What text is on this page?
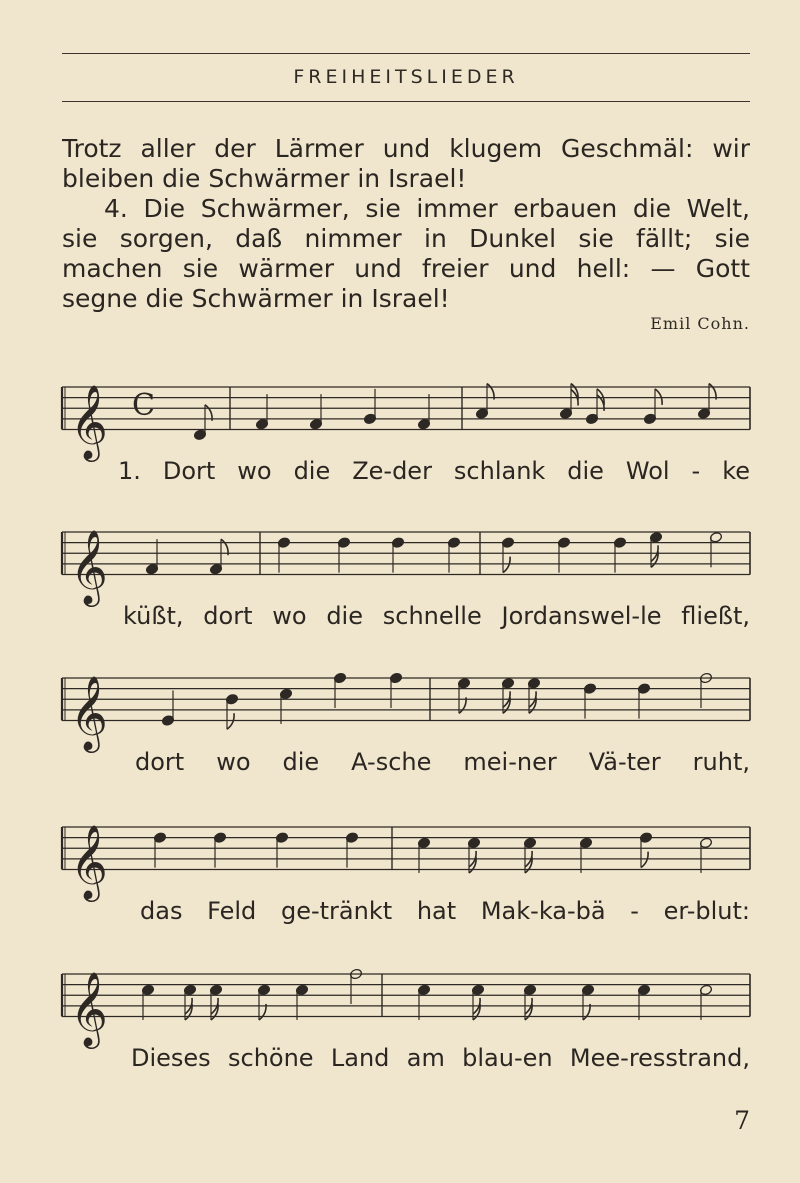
FREIHEITSLIEDER
Trotz aller der Lärmer und klugem Geschmäl: wir
bleiben die Schwärmer in Israel!
4. Die Schwärmer, sie immer erbauen die Welt,
sie sorgen, daß nimmer in Dunkel sie fällt; sie
machen sie wärmer und freier und hell: — Gott
segne die Schwärmer in Israel!
Emil Cohn.
𝄞 C
1. Dort wo die Ze-der schlank die Wol - ke
𝄞
küßt, dort wo die schnelle Jordanswel-le fließt,
𝄞
dort wo die A-sche mei-ner Vä-ter ruht,
𝄞
das Feld ge-tränkt hat Mak-ka-bä - er-blut:
𝄞
Dieses schöne Land am blau-en Mee-resstrand,
7
